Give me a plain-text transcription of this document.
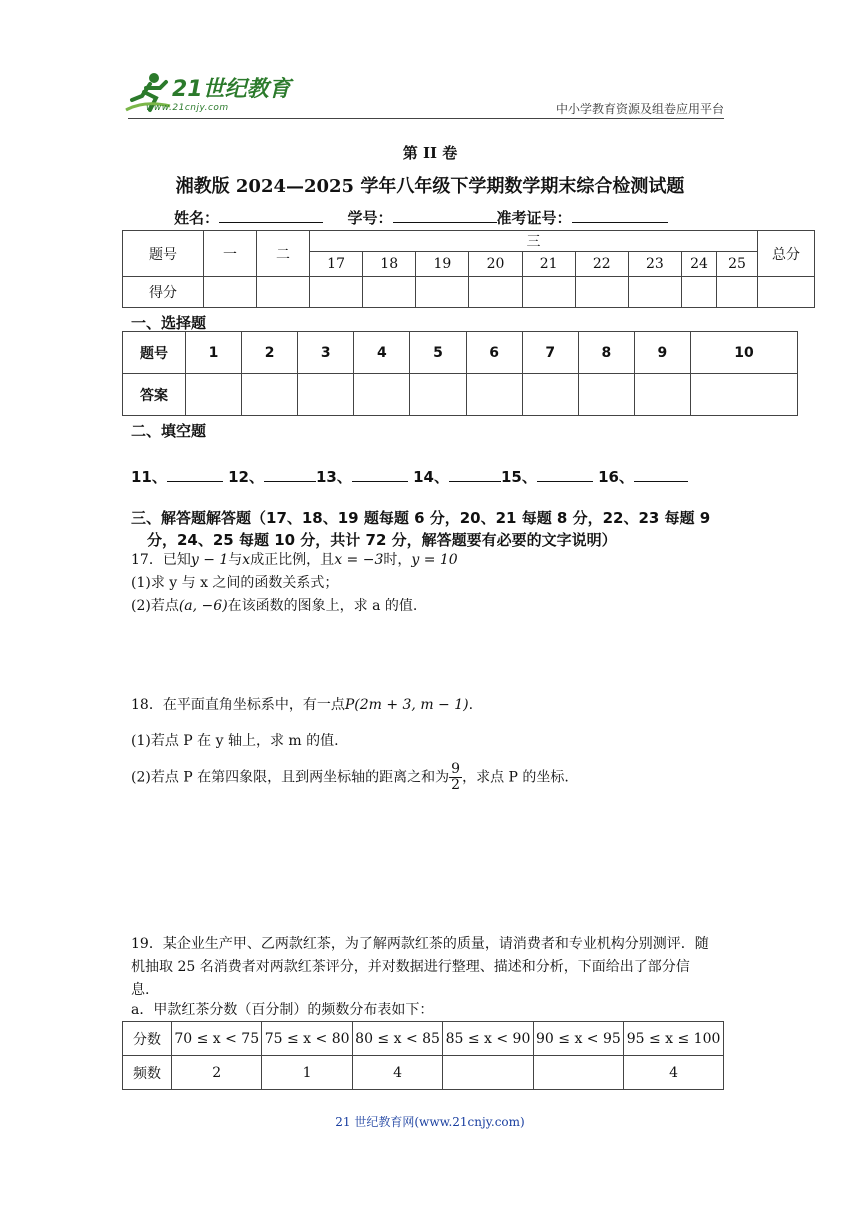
21世纪教育
www.21cnjy.com	中小学教育资源及组卷应用平台
第 II 卷
湘教版 2024—2025 学年八年级下学期数学期末综合检测试题
姓名：	学号：	准考证号：
题号	一	二	三									总分
			17	18	19	20	21	22	23	24	25	
得分												
一、选择题
题号	1	2	3	4	5	6	7	8	9	10
答案										
二、填空题
11、	12、	13、	14、	15、	16、
三、解答题解答题（17、18、19 题每题 6 分，20、21 每题 8 分，22、23 每题 9
分，24、25 每题 10 分，共计 72 分，解答题要有必要的文字说明）
17．已知y − 1与x成正比例，且x = −3时，y = 10
(1)求 y 与 x 之间的函数关系式；
(2)若点(a, −6)在该函数的图象上，求 a 的值.
18．在平面直角坐标系中，有一点P(2m + 3, m − 1).
(1)若点 P 在 y 轴上，求 m 的值.
(2)若点 P 在第四象限，且到两坐标轴的距离之和为 $\frac{9}{2}$ ，求点 P 的坐标.
19．某企业生产甲、乙两款红茶，为了解两款红茶的质量，请消费者和专业机构分别测评．随
机抽取 25 名消费者对两款红茶评分，并对数据进行整理、描述和分析，下面给出了部分信
息.
a．甲款红茶分数（百分制）的频数分布表如下：
分数	70 ≤ x < 75	75 ≤ x < 80	80 ≤ x < 85	85 ≤ x < 90	90 ≤ x < 95	95 ≤ x ≤ 100
频数	2	1	4			4
21 世纪教育网(www.21cnjy.com)
